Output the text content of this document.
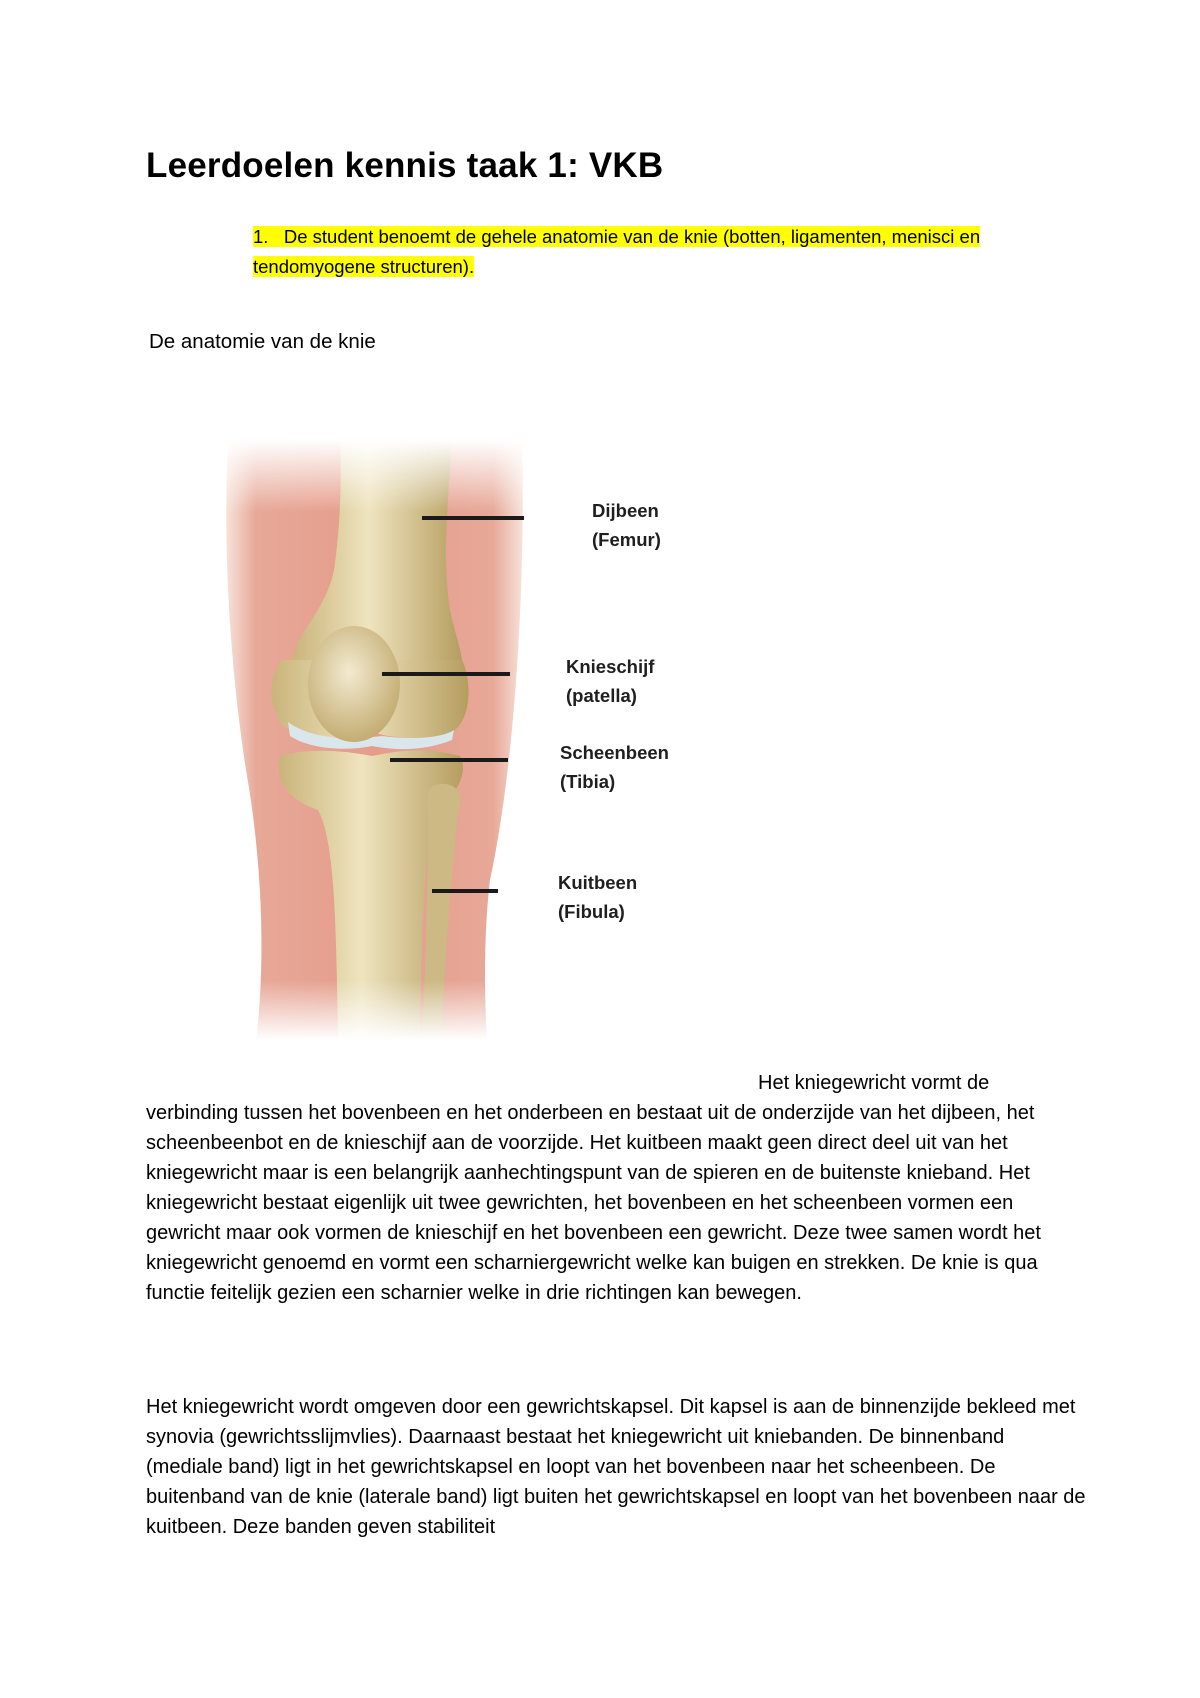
Leerdoelen kennis taak 1: VKB
1. De student benoemt de gehele anatomie van de knie (botten, ligamenten, menisci en tendomyogene structuren).
De anatomie van de knie
Dijbeen
(Femur)
Knieschijf
(patella)
Scheenbeen
(Tibia)
Kuitbeen
(Fibula)

Het kniegewricht vormt de verbinding tussen het bovenbeen en het onderbeen en bestaat uit de onderzijde van het dijbeen, het scheenbeenbot en de knieschijf aan de voorzijde. Het kuitbeen maakt geen direct deel uit van het kniegewricht maar is een belangrijk aanhechtingspunt van de spieren en de buitenste knieband. Het kniegewricht bestaat eigenlijk uit twee gewrichten, het bovenbeen en het scheenbeen vormen een gewricht maar ook vormen de knieschijf en het bovenbeen een gewricht. Deze twee samen wordt het kniegewricht genoemd en vormt een scharniergewricht welke kan buigen en strekken. De knie is qua functie feitelijk gezien een scharnier welke in drie richtingen kan bewegen.

Het kniegewricht wordt omgeven door een gewrichtskapsel. Dit kapsel is aan de binnenzijde bekleed met synovia (gewrichtsslijmvlies). Daarnaast bestaat het kniegewricht uit kniebanden. De binnenband (mediale band) ligt in het gewrichtskapsel en loopt van het bovenbeen naar het scheenbeen. De buitenband van de knie (laterale band) ligt buiten het gewrichtskapsel en loopt van het bovenbeen naar de kuitbeen. Deze banden geven stabiliteit
